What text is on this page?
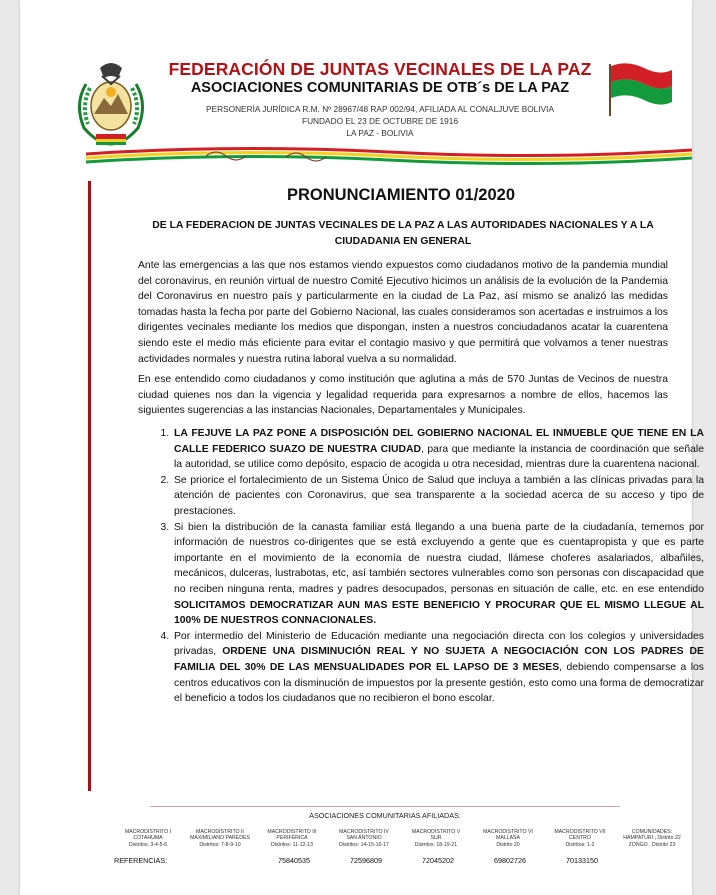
FEDERACIÓN DE JUNTAS VECINALES DE LA PAZ
ASOCIACIONES COMUNITARIAS DE OTB´s DE LA PAZ
PERSONERÍA JURÍDICA R.M. Nº 28967/48 RAP 002/94, AFILIADA AL CONALJUVE BOLIVIA
FUNDADO EL 23 DE OCTUBRE DE 1916
LA PAZ - BOLIVIA
PRONUNCIAMIENTO 01/2020
DE LA FEDERACION DE JUNTAS VECINALES DE LA PAZ A LAS AUTORIDADES NACIONALES Y A LA CIUDADANIA EN GENERAL
Ante las emergencias a las que nos estamos viendo expuestos como ciudadanos motivo de la pandemia mundial del coronavirus, en reunión virtual de nuestro Comité Ejecutivo hicimos un análisis de la evolución de la Pandemia del Coronavirus en nuestro país y particularmente en la ciudad de La Paz, así mismo se analizó las medidas tomadas hasta la fecha por parte del Gobierno Nacional, las cuales consideramos son acertadas e instruimos a los dirigentes vecinales mediante los medios que dispongan, insten a nuestros conciudadanos acatar la cuarentena siendo este el medio más eficiente para evitar el contagio masivo y que permitirá que volvamos a tener nuestras actividades normales y nuestra rutina laboral vuelva a su normalidad.
En ese entendido como ciudadanos y como institución que aglutina a más de 570 Juntas de Vecinos de nuestra ciudad quienes nos dan la vigencia y legalidad requerida para expresarnos a nombre de ellos, hacemos las siguientes sugerencias a las instancias Nacionales, Departamentales y Municipales.
1. LA FEJUVE LA PAZ PONE A DISPOSICIÓN DEL GOBIERNO NACIONAL EL INMUEBLE QUE TIENE EN LA CALLE FEDERICO SUAZO DE NUESTRA CIUDAD, para que mediante la instancia de coordinación que señale la autoridad, se utilice como depósito, espacio de acogida u otra necesidad, mientras dure la cuarentena nacional.
2. Se priorice el fortalecimiento de un Sistema Único de Salud que incluya a también a las clínicas privadas para la atención de pacientes con Coronavirus, que sea transparente a la sociedad acerca de su acceso y tipo de prestaciones.
3. Si bien la distribución de la canasta familiar está llegando a una buena parte de la ciudadanía, tememos por información de nuestros co-dirigentes que se está excluyendo a gente que es cuentapropista y que es parte importante en el movimiento de la economía de nuestra ciudad, llámese choferes asalariados, albañiles, mecánicos, dulceras, lustrabotas, etc, así también sectores vulnerables como son personas con discapacidad que no reciben ninguna renta, madres y padres desocupados, personas en situación de calle, etc. en ese entendido SOLICITAMOS DEMOCRATIZAR AUN MAS ESTE BENEFICIO Y PROCURAR QUE EL MISMO LLEGUE AL 100% DE NUESTROS CONNACIONALES.
4. Por intermedio del Ministerio de Educación mediante una negociación directa con los colegios y universidades privadas, ORDENE UNA DISMINUCIÓN REAL Y NO SUJETA A NEGOCIACIÓN CON LOS PADRES DE FAMILIA DEL 30% DE LAS MENSUALIDADES POR EL LAPSO DE 3 MESES, debiendo compensarse a los centros educativos con la disminución de impuestos por la presente gestión, esto como una forma de democratizar el beneficio a todos los ciudadanos que no recibieron el bono escolar.
ASOCIACIONES COMUNITARIAS AFILIADAS:
MACRODISTRITO I
COTAHUMA
Distritos: 3-4-5-6
MACRODISTRITO II
MAXIMILIANO PAREDES
Distritos: 7-8-9-10
MACRODISTRITO III
PERIFÉRICA
Distritos: 11-12-13
MACRODISTRITO IV
SAN ANTONIO
Distritos: 14-15-16-17
MACRODISTRITO V
SUR
Distritos: 18-19-21
MACRODISTRITO VI
MALLASA
Distrito 20
MACRODISTRITO VII
CENTRO
Distritos: 1-2
COMUNIDADES:
HAMPATURI , Distrito 22
ZONGO , Distrito 23
REFERENCIAS:	75840535	72596809	72045202	69802726	70133150
